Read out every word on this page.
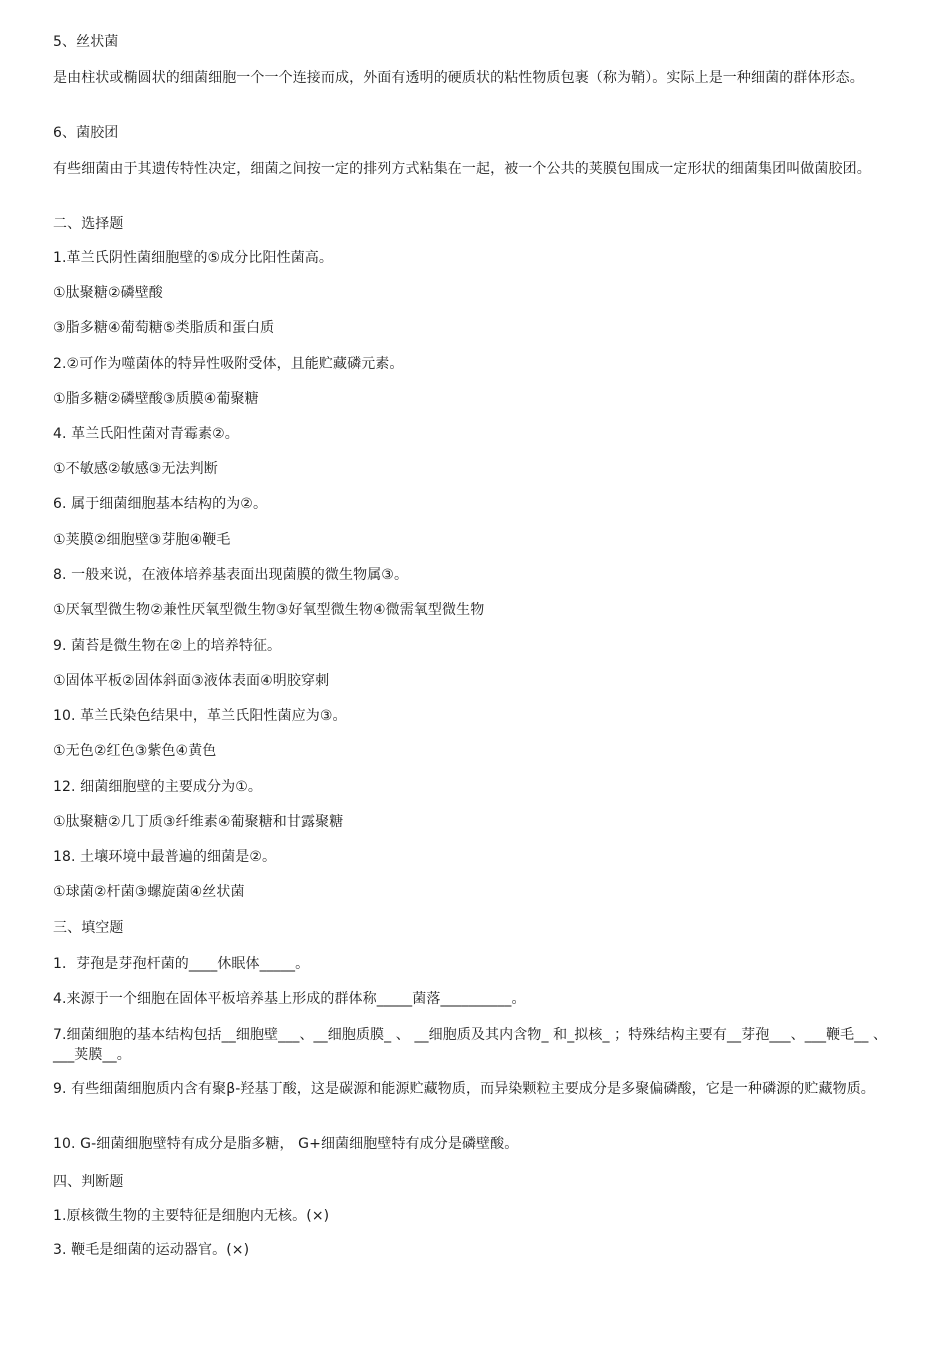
5、丝状菌
是由柱状或椭圆状的细菌细胞一个一个连接而成，外面有透明的硬质状的粘性物质包裹（称为鞘）。实际上是一种细菌的群体形态。
6、菌胶团
有些细菌由于其遗传特性决定，细菌之间按一定的排列方式粘集在一起，被一个公共的荚膜包围成一定形状的细菌集团叫做菌胶团。
二、选择题
1.革兰氏阴性菌细胞壁的⑤成分比阳性菌高。
①肽聚糖②磷壁酸
③脂多糖④葡萄糖⑤类脂质和蛋白质
2.②可作为噬菌体的特异性吸附受体，且能贮藏磷元素。
①脂多糖②磷壁酸③质膜④葡聚糖
4. 革兰氏阳性菌对青霉素②。
①不敏感②敏感③无法判断
6. 属于细菌细胞基本结构的为②。
①荚膜②细胞壁③芽胞④鞭毛
8. 一般来说，在液体培养基表面出现菌膜的微生物属③。
①厌氧型微生物②兼性厌氧型微生物③好氧型微生物④微需氧型微生物
9. 菌苔是微生物在②上的培养特征。
①固体平板②固体斜面③液体表面④明胶穿刺
10. 革兰氏染色结果中，革兰氏阳性菌应为③。
①无色②红色③紫色④黄色
12. 细菌细胞壁的主要成分为①。
①肽聚糖②几丁质③纤维素④葡聚糖和甘露聚糖
18. 土壤环境中最普遍的细菌是②。
①球菌②杆菌③螺旋菌④丝状菌
三、填空题
1．芽孢是芽孢杆菌的____休眠体_____。
4.来源于一个细胞在固体平板培养基上形成的群体称_____菌落__________。
7.细菌细胞的基本结构包括__细胞壁___、__细胞质膜_ 、 __细胞质及其内含物_ 和_拟核_ ；特殊结构主要有__芽孢___、___鞭毛__ 、___荚膜__。
9. 有些细菌细胞质内含有聚β-羟基丁酸，这是碳源和能源贮藏物质，而异染颗粒主要成分是多聚偏磷酸，它是一种磷源的贮藏物质。
10. G-细菌细胞壁特有成分是脂多糖， G+细菌细胞壁特有成分是磷壁酸。
四、判断题
1.原核微生物的主要特征是细胞内无核。(×)
3. 鞭毛是细菌的运动器官。(×)
